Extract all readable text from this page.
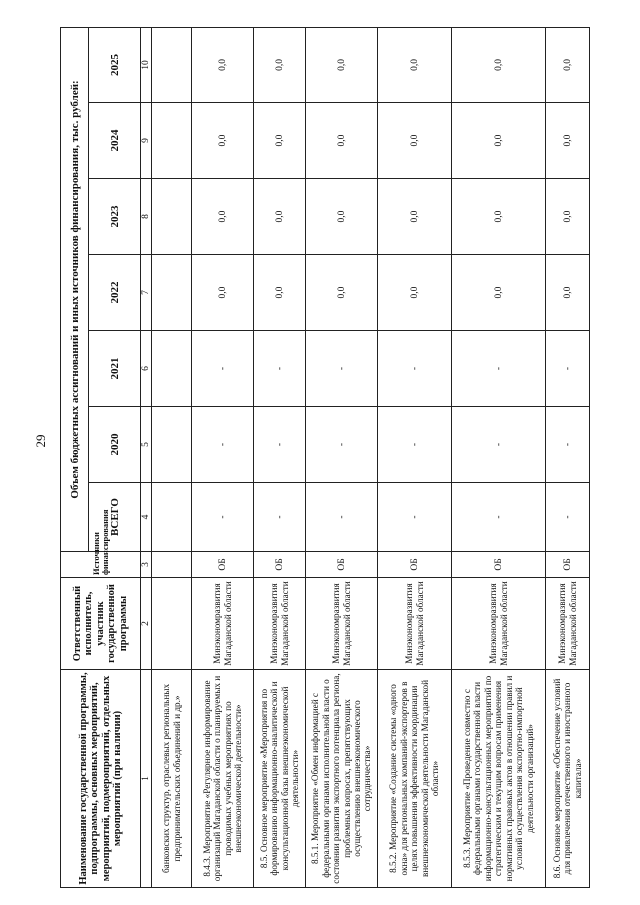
29
Наименование государственной программы, подпрограммы, основных мероприятий, мероприятий, подмероприятий, отдельных мероприятий (при наличии)	Ответственный исполнитель, участник государственной программы	Источники финансирования	Объем бюджетных ассигнований и иных источников финансирования, тыс. рублей:						
			ВСЕГО	2020	2021	2022	2023	2024	2025
1	2	3	4	5	6	7	8	9	10
банковских структур, отраслевых региональных предпринимательских объединений и др.»									
8.4.3. Мероприятие «Регулярное информирование организаций Магаданской области о планируемых и проводимых учебных мероприятиях по внешнеэкономической деятельности»	Минэкономразвития Магаданской области	ОБ	-	-	-	0,0	0,0	0,0	0,0
8.5. Основное мероприятие «Мероприятия по формированию информационно-аналитической и консультационной базы внешнеэкономической деятельности»	Минэкономразвития Магаданской области	ОБ	-	-	-	0,0	0,0	0,0	0,0
8.5.1. Мероприятие «Обмен информацией с федеральными органами исполнительной власти о состоянии развития экспортного потенциала региона, проблемных вопросах, препятствующих осуществлению внешнеэкономического сотрудничества»	Минэкономразвития Магаданской области	ОБ	-	-	-	0,0	0,0	0,0	0,0
8.5.2. Мероприятие «Создание системы «одного окна» для региональных компаний-экспортеров в целях повышения эффективности координации внешнеэкономической деятельности Магаданской области»	Минэкономразвития Магаданской области	ОБ	-	-	-	0,0	0,0	0,0	0,0
8.5.3. Мероприятие «Проведение совместно с федеральными органами государственной власти информационно-консультационных мероприятий по стратегическим и текущим вопросам применения нормативных правовых актов в отношении правил и условий осуществления экспортно-импортной деятельности организаций»	Минэкономразвития Магаданской области	ОБ	-	-	-	0,0	0,0	0,0	0,0
8.6. Основное мероприятие «Обеспечение условий для привлечения отечественного и иностранного капитала»	Минэкономразвития Магаданской области	ОБ	-	-	-	0,0	0,0	0,0	0,0
